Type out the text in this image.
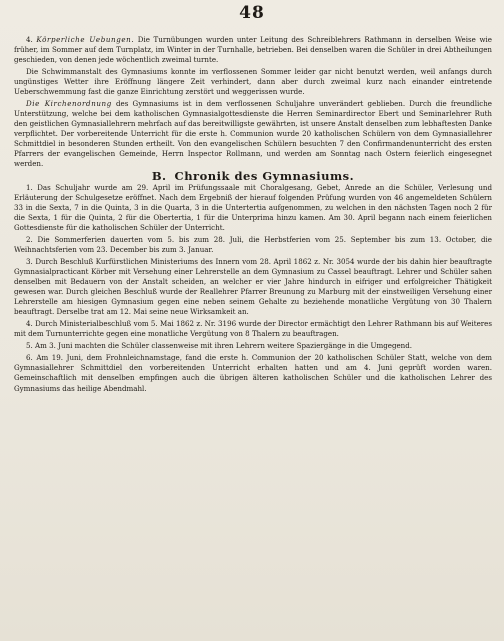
48

4. Körperliche Uebungen. Die Turnübungen wurden unter Leitung des Schreiblehrers Rathmann in derselben Weise wie früher, im Sommer auf dem Turnplatz, im Winter in der Turnhalle, betrieben. Bei denselben waren die Schüler in drei Abtheilungen geschieden, von denen jede wöchentlich zweimal turnte.

Die Schwimmanstalt des Gymnasiums konnte im verflossenen Sommer leider gar nicht benutzt werden, weil anfangs durch ungünstiges Wetter ihre Eröffnung längere Zeit verhindert, dann aber durch zweimal kurz nach einander eintretende Ueberschwemmung fast die ganze Einrichtung zerstört und weggerissen wurde.

Die Kirchenordnung des Gymnasiums ist in dem verflossenen Schuljahre unverändert geblieben. Durch die freundliche Unterstützung, welche bei dem katholischen Gymnasialgottesdienste die Herren Seminardirector Ebert und Seminarlehrer Ruth den geistlichen Gymnasiallehrern mehrfach auf das bereitwilligste gewährten, ist unsere Anstalt denselben zum lebhaftesten Danke verpflichtet. Der vorbereitende Unterricht für die erste h. Communion wurde 20 katholischen Schülern von dem Gymnasiallehrer Schmittdiel in besonderen Stunden ertheilt. Von den evangelischen Schülern besuchten 7 den Confirmandenunterricht des ersten Pfarrers der evangelischen Gemeinde, Herrn Inspector Rollmann, und werden am Sonntag nach Ostern feierlich eingesegnet werden.

B. Chronik des Gymnasiums.

1. Das Schuljahr wurde am 29. April im Prüfungssaale mit Choralgesang, Gebet, Anrede an die Schüler, Verlesung und Erläuterung der Schulgesetze eröffnet. Nach dem Ergebniß der hierauf folgenden Prüfung wurden von 46 angemeldeten Schülern 33 in die Sexta, 7 in die Quinta, 3 in die Quarta, 3 in die Untertertia aufgenommen, zu welchen in den nächsten Tagen noch 2 für die Sexta, 1 für die Quinta, 2 für die Obertertia, 1 für die Unterprima hinzu kamen. Am 30. April begann nach einem feierlichen Gottesdienste für die katholischen Schüler der Unterricht.

2. Die Sommerferien dauerten vom 5. bis zum 28. Juli, die Herbstferien vom 25. September bis zum 13. October, die Weihnachtsferien vom 23. December bis zum 3. Januar.

3. Durch Beschluß Kurfürstlichen Ministeriums des Innern vom 28. April 1862 z. Nr. 3054 wurde der bis dahin hier beauftragte Gymnasialpracticant Körber mit Versehung einer Lehrerstelle an dem Gymnasium zu Cassel beauftragt. Lehrer und Schüler sahen denselben mit Bedauern von der Anstalt scheiden, an welcher er vier Jahre hindurch in eifriger und erfolgreicher Thätigkeit gewesen war. Durch gleichen Beschluß wurde der Reallehrer Pfarrer Breunung zu Marburg mit der einstweiligen Versehung einer Lehrerstelle am hiesigen Gymnasium gegen eine neben seinem Gehalte zu beziehende monatliche Vergütung von 30 Thalern beauftragt. Derselbe trat am 12. Mai seine neue Wirksamkeit an.

4. Durch Ministerialbeschluß vom 5. Mai 1862 z. Nr. 3196 wurde der Director ermächtigt den Lehrer Rathmann bis auf Weiteres mit dem Turnunterrichte gegen eine monatliche Vergütung von 8 Thalern zu beauftragen.

5. Am 3. Juni machten die Schüler classenweise mit ihren Lehrern weitere Spaziergänge in die Umgegend.

6. Am 19. Juni, dem Frohnleichnamstage, fand die erste h. Communion der 20 katholischen Schüler Statt, welche von dem Gymnasiallehrer Schmittdiel den vorbereitenden Unterricht erhalten hatten und am 4. Juni geprüft worden waren. Gemeinschaftlich mit denselben empfingen auch die übrigen älteren katholischen Schüler und die katholischen Lehrer des Gymnasiums das heilige Abendmahl.
